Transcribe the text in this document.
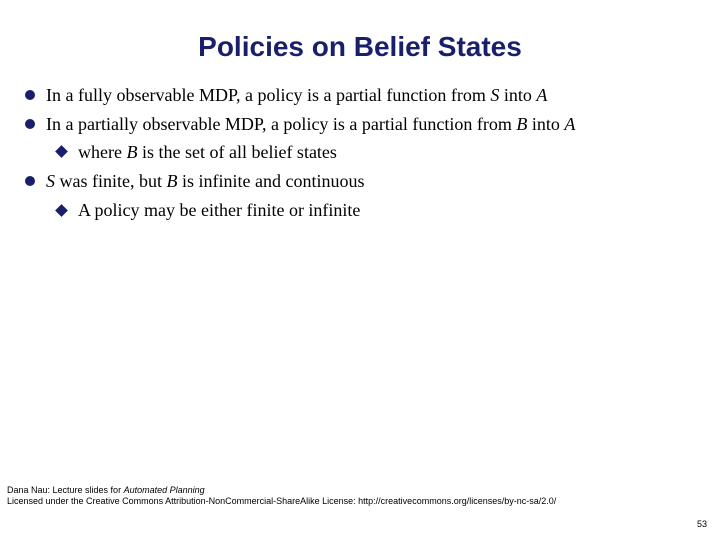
Policies on Belief States
In a fully observable MDP, a policy is a partial function from S into A
In a partially observable MDP, a policy is a partial function from B into A
where B is the set of all belief states
S was finite, but B is infinite and continuous
A policy may be either finite or infinite
Dana Nau: Lecture slides for Automated Planning
Licensed under the Creative Commons Attribution-NonCommercial-ShareAlike License: http://creativecommons.org/licenses/by-nc-sa/2.0/
53
